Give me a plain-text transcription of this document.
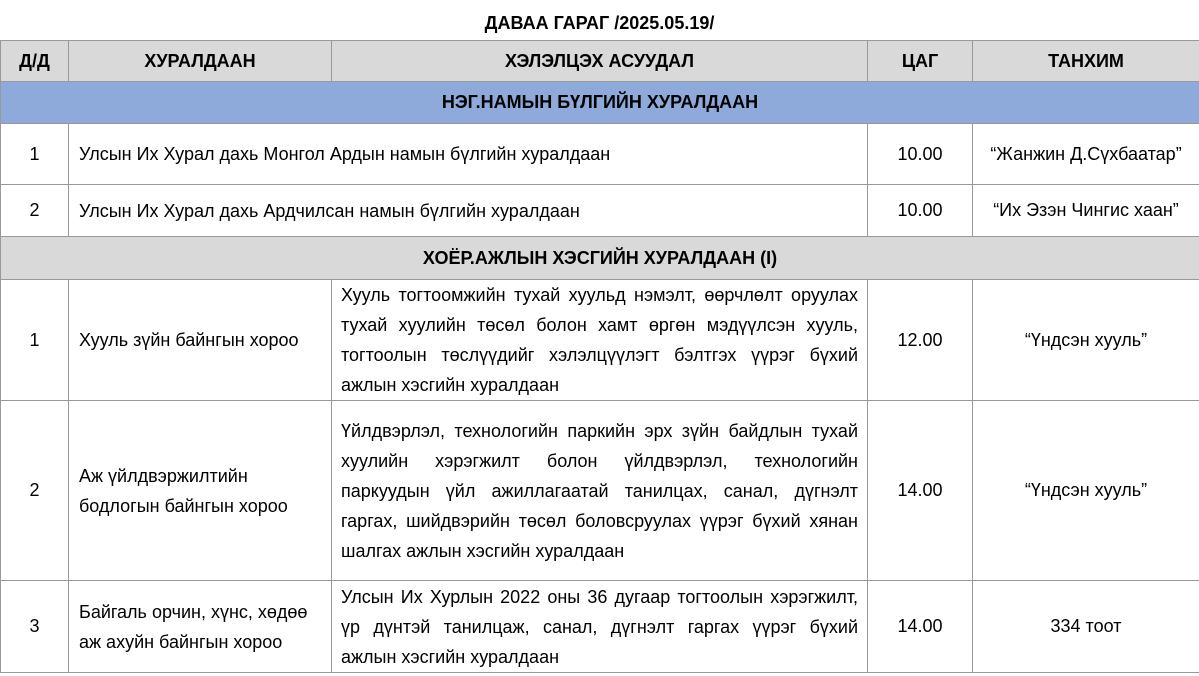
ДАВАА ГАРАГ /2025.05.19/
Д/Д	ХУРАЛДААН	ХЭЛЭЛЦЭХ АСУУДАЛ	ЦАГ	ТАНХИМ
НЭГ.НАМЫН БҮЛГИЙН ХУРАЛДААН				
1	Улсын Их Хурал дахь Монгол Ардын намын бүлгийн хуралдаан		10.00	“Жанжин Д.Сүхбаатар”
2	Улсын Их Хурал дахь Ардчилсан намын бүлгийн хуралдаан		10.00	“Их Эзэн Чингис хаан”
ХОЁР.АЖЛЫН ХЭСГИЙН ХУРАЛДААН (I)				
1	Хууль зүйн байнгын хороо	Хууль тогтоомжийн тухай хуульд нэмэлт, өөрчлөлт оруулах тухай хуулийн төсөл болон хамт өргөн мэдүүлсэн хууль, тогтоолын төслүүдийг хэлэлцүүлэгт бэлтгэх үүрэг бүхий ажлын хэсгийн хуралдаан	12.00	“Үндсэн хууль”
2	Аж үйлдвэржилтийн бодлогын байнгын хороо	Үйлдвэрлэл, технологийн паркийн эрх зүйн байдлын тухай хуулийн хэрэгжилт болон үйлдвэрлэл, технологийн паркуудын үйл ажиллагаатай танилцах, санал, дүгнэлт гаргах, шийдвэрийн төсөл боловсруулах үүрэг бүхий хянан шалгах ажлын хэсгийн хуралдаан	14.00	“Үндсэн хууль”
3	Байгаль орчин, хүнс, хөдөө аж ахуйн байнгын хороо	Улсын Их Хурлын 2022 оны 36 дугаар тогтоолын хэрэгжилт, үр дүнтэй танилцаж, санал, дүгнэлт гаргах үүрэг бүхий ажлын хэсгийн хуралдаан	14.00	334 тоот
